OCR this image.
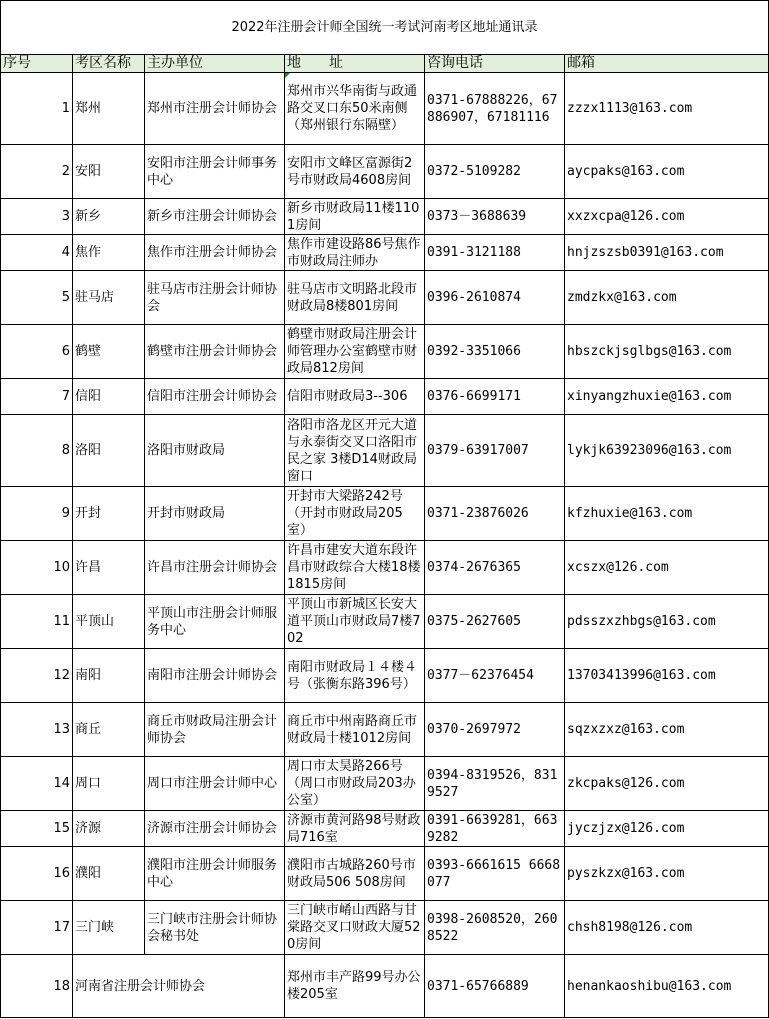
2022年注册会计师全国统一考试河南考区地址通讯录					
序号	考区名称	主办单位	地 址	咨询电话	邮箱
1	郑州	郑州市注册会计师协会	郑州市兴华南街与政通路交叉口东50米南侧（郑州银行东隔壁）	0371-67888226，67886907，67181116	zzzx1113@163.com
2	安阳	安阳市注册会计师事务中心	安阳市文峰区富源街2号市财政局4608房间	0372-5109282	aycpaks@163.com
3	新乡	新乡市注册会计师协会	新乡市财政局11楼1101房间	0373－3688639	xxzxcpa@126.com
4	焦作	焦作市注册会计师协会	焦作市建设路86号焦作市财政局注师办	0391-3121188	hnjzszsb0391@163.com
5	驻马店	驻马店市注册会计师协会	驻马店市文明路北段市财政局8楼801房间	0396-2610874	zmdzkx@163.com
6	鹤壁	鹤壁市注册会计师协会	鹤壁市财政局注册会计师管理办公室鹤壁市财政局812房间	0392-3351066	hbszckjsglbgs@163.com
7	信阳	信阳市注册会计师协会	信阳市财政局3--306	0376-6699171	xinyangzhuxie@163.com
8	洛阳	洛阳市财政局	洛阳市洛龙区开元大道与永泰街交叉口洛阳市民之家 3楼D14财政局窗口	0379-63917007	lykjk63923096@163.com
9	开封	开封市财政局	开封市大梁路242号（开封市财政局205室）	0371-23876026	kfzhuxie@163.com
10	许昌	许昌市注册会计师协会	许昌市建安大道东段许昌市财政综合大楼18楼1815房间	0374-2676365	xcszx@126.com
11	平顶山	平顶山市注册会计师服务中心	平顶山市新城区长安大道平顶山市财政局7楼702	0375-2627605	pdsszxzhbgs@163.com
12	南阳	南阳市注册会计师协会	南阳市财政局１４楼４号（张衡东路396号）	0377－62376454	13703413996@163.com
13	商丘	商丘市财政局注册会计师协会	商丘市中州南路商丘市财政局十楼1012房间	0370-2697972	sqzxzxz@163.com
14	周口	周口市注册会计师中心	周口市太昊路266号（周口市财政局203办公室）	0394-8319526，8319527	zkcpaks@126.com
15	济源	济源市注册会计师协会	济源市黄河路98号财政局716室	0391-6639281，6639282	jyczjzx@126.com
16	濮阳	濮阳市注册会计师服务中心	濮阳市古城路260号市财政局506 508房间	0393-6661615 6668077	pyszkzx@163.com
17	三门峡	三门峡市注册会计师协会秘书处	三门峡市崤山西路与甘棠路交叉口财政大厦520房间	0398-2608520，2608522	chsh8198@126.com
18	河南省注册会计师协会		郑州市丰产路99号办公楼205室	0371-65766889	henankaoshibu@163.com
